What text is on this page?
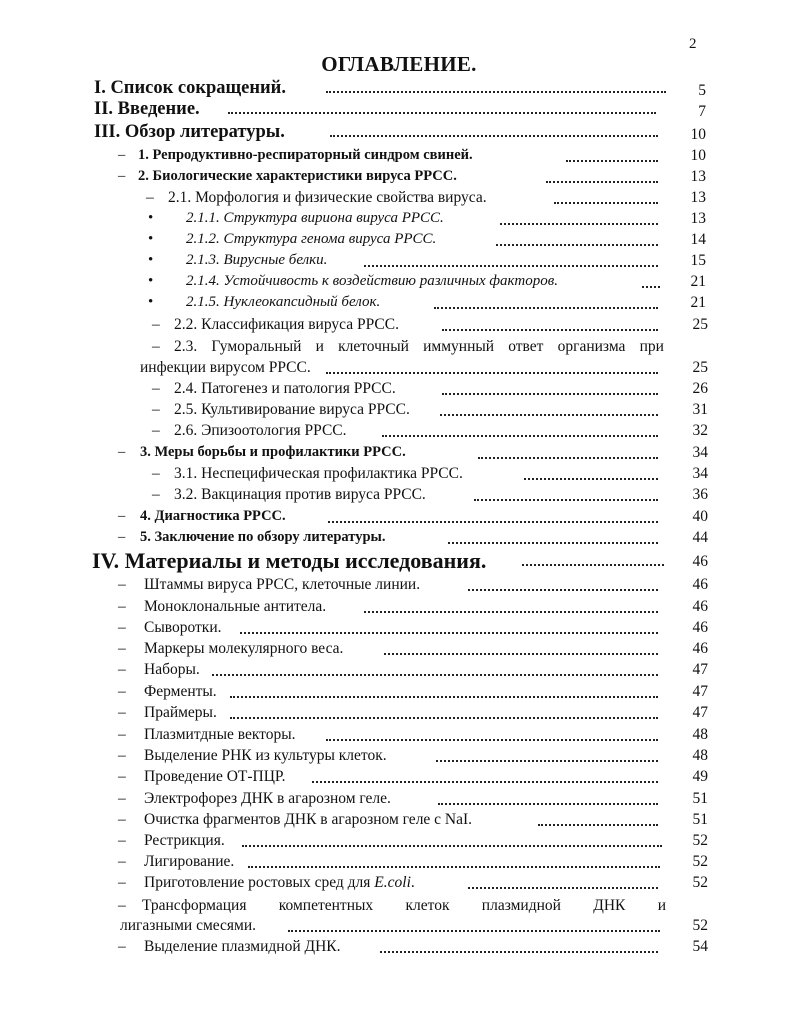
2
ОГЛАВЛЕНИЕ.
I. Список сокращений.	5
II. Введение.	7
III. Обзор литературы.	10
– 1. Репродуктивно-респираторный синдром свиней.	10
– 2. Биологические характеристики вируса РРСС.	13
– 2.1. Морфология и физические свойства вируса.	13
• 2.1.1. Структура вириона вируса РРСС.	13
• 2.1.2. Структура генома вируса РРСС.	14
• 2.1.3. Вирусные белки.	15
• 2.1.4. Устойчивость к воздействию различных факторов.	21
• 2.1.5. Нуклеокапсидный белок.	21
– 2.2. Классификация вируса РРСС.	25
– 2.3. Гуморальный и клеточный иммунный ответ организма при
инфекции вирусом РРСС.	25
– 2.4. Патогенез и патология РРСС.	26
– 2.5. Культивирование вируса РРСС.	31
– 2.6. Эпизоотология РРСС.	32
– 3. Меры борьбы и профилактики РРСС.	34
– 3.1. Неспецифическая профилактика РРСС.	34
– 3.2. Вакцинация против вируса РРСС.	36
– 4. Диагностика РРСС.	40
– 5. Заключение по обзору литературы.	44
IV. Материалы и методы исследования.	46
– Штаммы вируса РРСС, клеточные линии.	46
– Моноклональные антитела.	46
– Сыворотки.	46
– Маркеры молекулярного веса.	46
– Наборы.	47
– Ферменты.	47
– Праймеры.	47
– Плазмитдные векторы.	48
– Выделение РНК из культуры клеток.	48
– Проведение ОТ-ПЦР.	49
– Электрофорез ДНК в агарозном геле.	51
– Очистка фрагментов ДНК в агарозном геле с NaI.	51
– Рестрикция.	52
– Лигирование.	52
– Приготовление ростовых сред для E.coli.	52
– Трансформация компетентных клеток плазмидной ДНК и
лигазными смесями.	52
– Выделение плазмидной ДНК.	54
